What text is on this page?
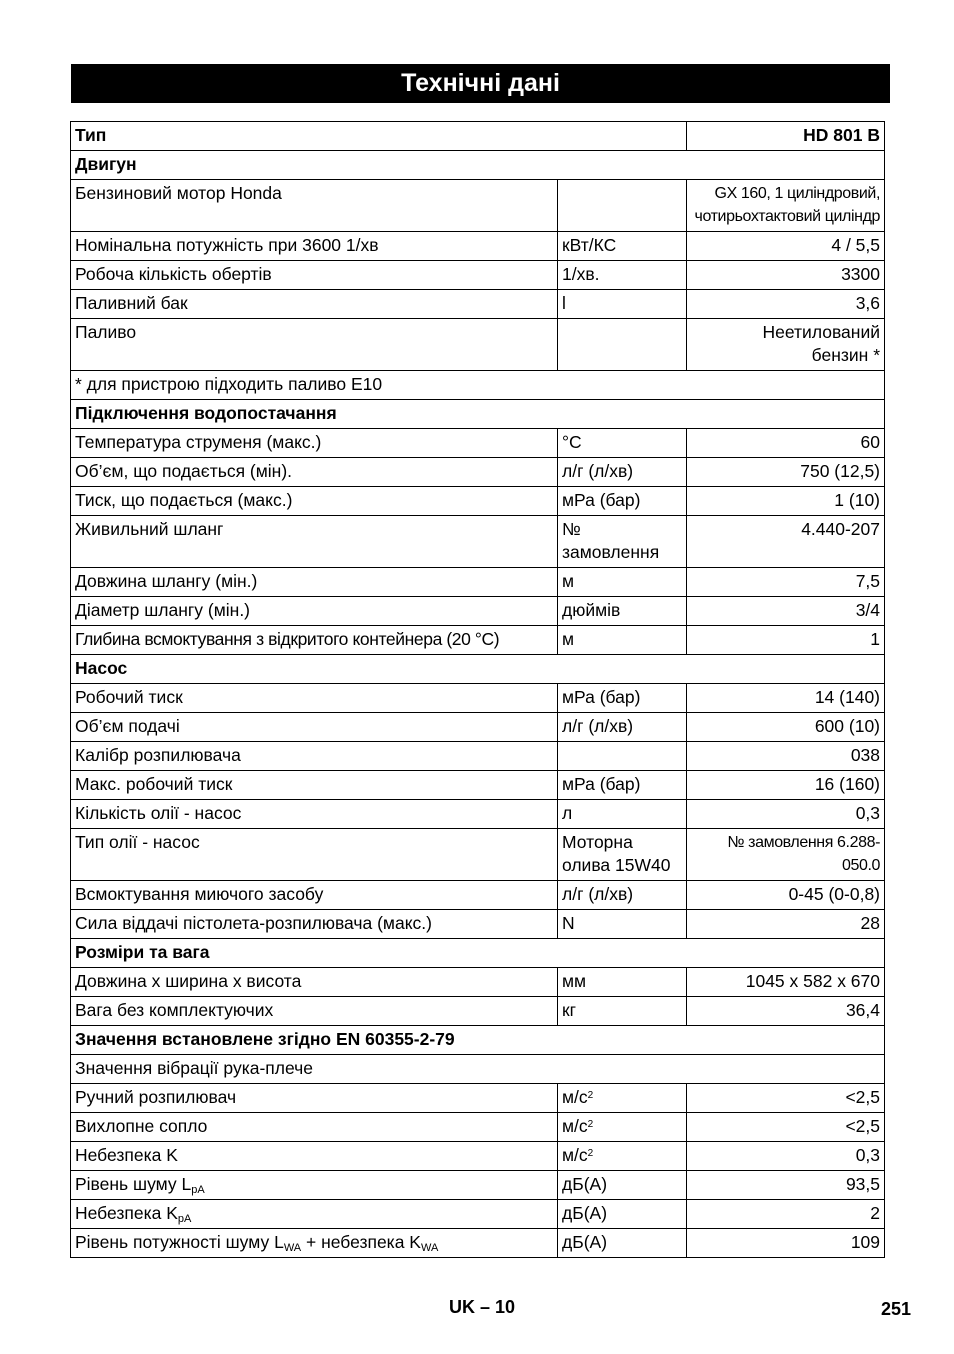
Технічні дані
Тип		HD 801 B
Двигун		
Бензиновий мотор Honda		GX 160, 1 циліндровий, чотирьохтактовий циліндр
Номінальна потужність при 3600 1/хв	кВт/КС	4 / 5,5
Робоча кількість обертів	1/хв.	3300
Паливний бак	l	3,6
Паливо		Неетилований бензин *
* для пристрою підходить паливо E10		
Підключення водопостачання		
Температура струменя (макс.)	°C	60
Об’єм, що подається (мін).	л/г (л/хв)	750 (12,5)
Тиск, що подається (макс.)	мРа (бар)	1 (10)
Живильний шланг	№ замовлення	4.440-207
Довжина шлангу (мін.)	м	7,5
Діаметр шлангу (мін.)	дюймів	3/4
Глибина всмоктування з відкритого контейнера (20 °C)	м	1
Насос		
Робочий тиск	мРа (бар)	14 (140)
Об’єм подачі	л/г (л/хв)	600 (10)
Калібр розпилювача		038
Макс. робочий тиск	мРа (бар)	16 (160)
Кількість олії - насос	л	0,3
Тип олії - насос	Моторна олива 15W40	№ замовлення 6.288-050.0
Всмоктування миючого засобу	л/г (л/хв)	0-45 (0-0,8)
Сила віддачі пістолета-розпилювача (макс.)	N	28
Розміри та вага		
Довжина x ширина x висота	мм	1045 x 582 x 670
Вага без комплектуючих	кг	36,4
Значення встановлене згідно EN 60355-2-79		
Значення вібрації рука-плече		
Ручний розпилювач	$м/с^2$	<2,5
Вихлопне сопло	$м/с^2$	<2,5
Небезпека K	$м/с^2$	0,3
Рівень шуму $L_{pA}$	дБ(А)	93,5
Небезпека $K_{pA}$	дБ(А)	2
Рівень потужності шуму $L_{WA}$ + небезпека $K_{WA}$	дБ(А)	109
UK – 10	251
